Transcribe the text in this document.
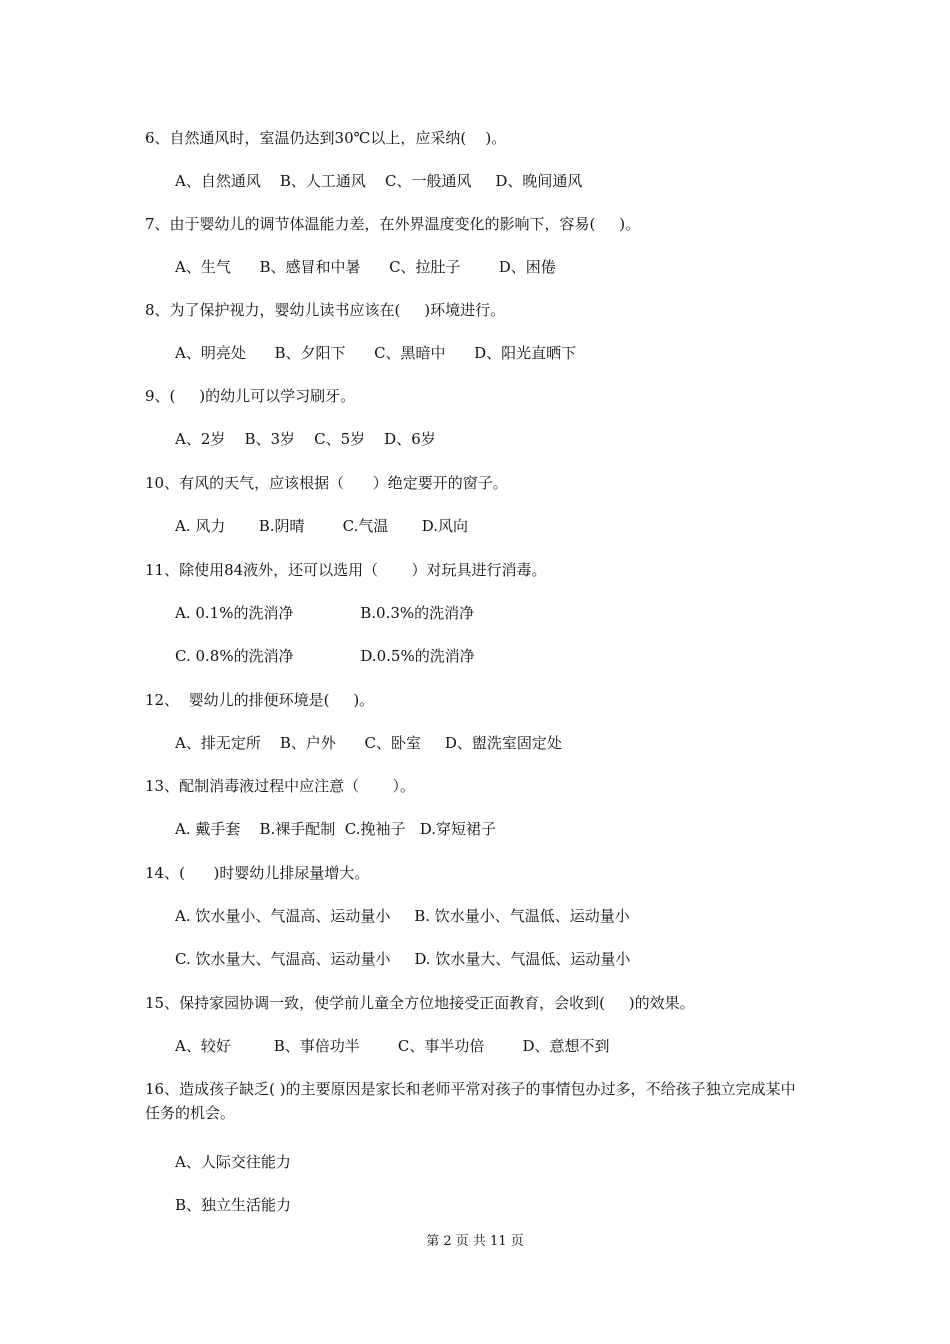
6、自然通风时，室温仍达到30℃以上，应采纳(    )。
A、自然通风    B、人工通风    C、一般通风     D、晚间通风
7、由于婴幼儿的调节体温能力差，在外界温度变化的影响下，容易(     )。
A、生气      B、感冒和中暑      C、拉肚子        D、困倦
8、为了保护视力，婴幼儿读书应该在(     )环境进行。
A、明亮处      B、夕阳下      C、黑暗中      D、阳光直晒下
9、(     )的幼儿可以学习刷牙。
A、2岁    B、3岁    C、5岁    D、6岁
10、有风的天气，应该根据（      ）绝定要开的窗子。
A. 风力       B.阴晴        C.气温       D.风向
11、除使用84液外，还可以选用（       ）对玩具进行消毒。
A. 0.1%的洗消净              B.0.3%的洗消净
C. 0.8%的洗消净              D.0.5%的洗消净
12、  婴幼儿的排便环境是(     )。
A、排无定所    B、户外      C、卧室     D、盥洗室固定处
13、配制消毒液过程中应注意（       ）。
A. 戴手套    B.裸手配制  C.挽袖子   D.穿短裙子
14、(      )时婴幼儿排尿量增大。
A. 饮水量小、气温高、运动量小     B. 饮水量小、气温低、运动量小
C. 饮水量大、气温高、运动量小     D. 饮水量大、气温低、运动量小
15、保持家园协调一致，使学前儿童全方位地接受正面教育，会收到(     )的效果。
A、较好         B、事倍功半        C、事半功倍        D、意想不到
16、造成孩子缺乏( )的主要原因是家长和老师平常对孩子的事情包办过多，不给孩子独立完成某中任务的机会。
A、人际交往能力
B、独立生活能力
第 2 页 共 11 页
